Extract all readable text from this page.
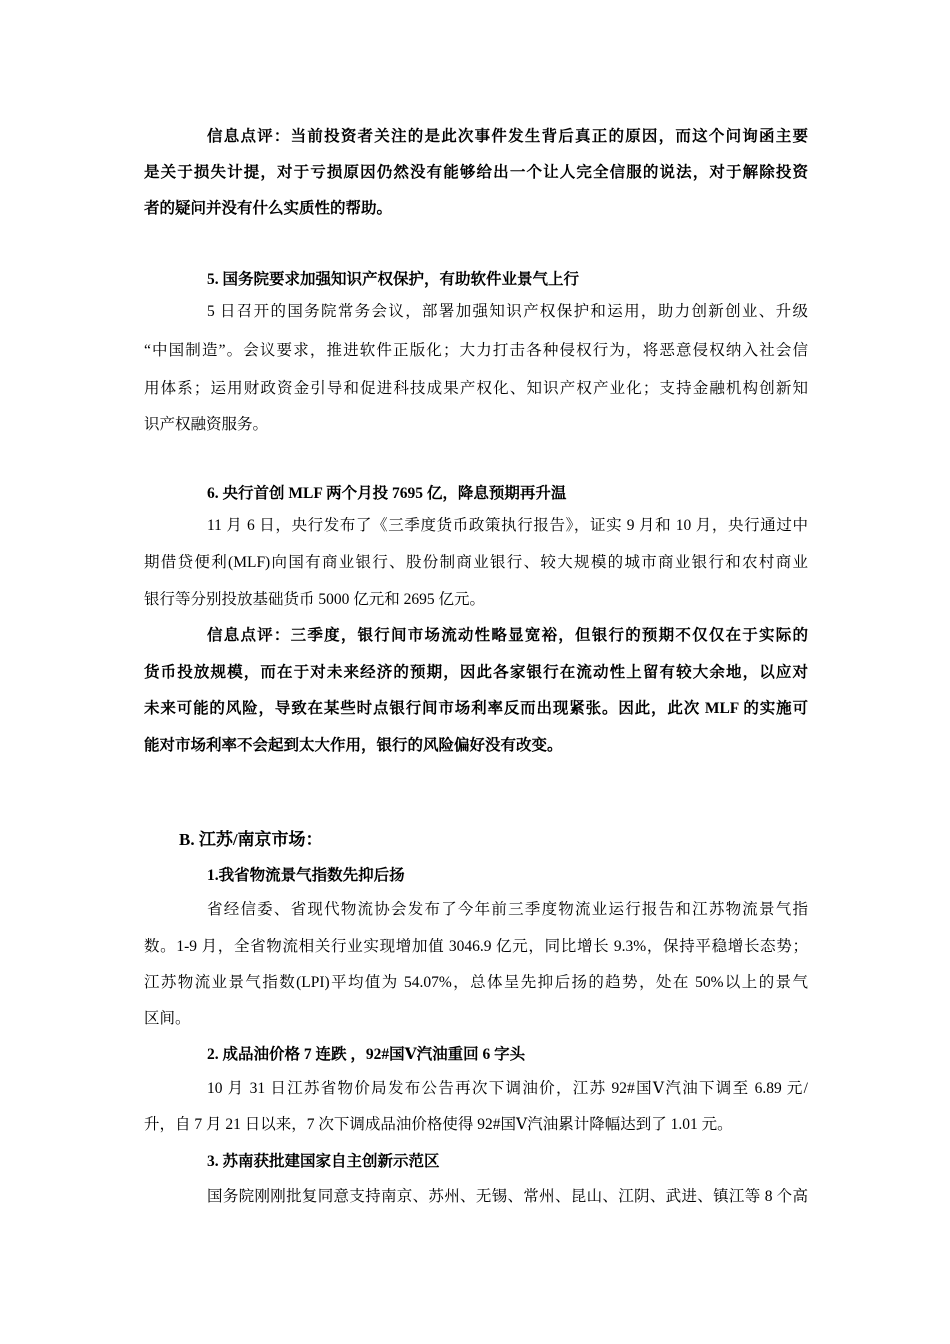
信息点评：当前投资者关注的是此次事件发生背后真正的原因，而这个问询函主要
是关于损失计提，对于亏损原因仍然没有能够给出一个让人完全信服的说法，对于解除投资
者的疑问并没有什么实质性的帮助。
5. 国务院要求加强知识产权保护，有助软件业景气上行
5 日召开的国务院常务会议，部署加强知识产权保护和运用，助力创新创业、升级
“中国制造”。会议要求，推进软件正版化；大力打击各种侵权行为，将恶意侵权纳入社会信
用体系；运用财政资金引导和促进科技成果产权化、知识产权产业化；支持金融机构创新知
识产权融资服务。
6. 央行首创 MLF 两个月投 7695 亿，降息预期再升温
11 月 6 日，央行发布了《三季度货币政策执行报告》，证实 9 月和 10 月，央行通过中
期借贷便利(MLF)向国有商业银行、股份制商业银行、较大规模的城市商业银行和农村商业
银行等分别投放基础货币 5000 亿元和 2695 亿元。
信息点评：三季度，银行间市场流动性略显宽裕，但银行的预期不仅仅在于实际的
货币投放规模，而在于对未来经济的预期，因此各家银行在流动性上留有较大余地，以应对
未来可能的风险，导致在某些时点银行间市场利率反而出现紧张。因此，此次 MLF 的实施可
能对市场利率不会起到太大作用，银行的风险偏好没有改变。
B. 江苏/南京市场：
1.我省物流景气指数先抑后扬
省经信委、省现代物流协会发布了今年前三季度物流业运行报告和江苏物流景气指
数。1-9 月，全省物流相关行业实现增加值 3046.9 亿元，同比增长 9.3%，保持平稳增长态势；
江苏物流业景气指数(LPI)平均值为 54.07%，总体呈先抑后扬的趋势，处在 50%以上的景气
区间。
2. 成品油价格 7 连跌 ，92#国Ⅴ汽油重回 6 字头
10 月 31 日江苏省物价局发布公告再次下调油价，江苏 92#国Ⅴ汽油下调至 6.89 元/
升，自 7 月 21 日以来，7 次下调成品油价格使得 92#国Ⅴ汽油累计降幅达到了 1.01 元。
3. 苏南获批建国家自主创新示范区
国务院刚刚批复同意支持南京、苏州、无锡、常州、昆山、江阴、武进、镇江等 8 个高
